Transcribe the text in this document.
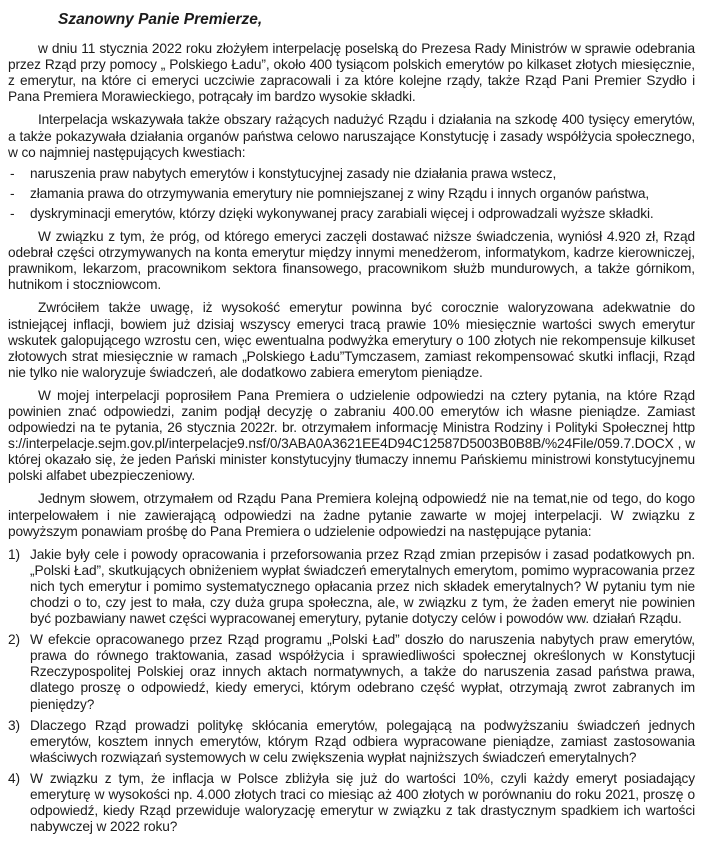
Szanowny Panie Premierze,

w dniu 11 stycznia 2022 roku złożyłem interpelację poselską do Prezesa Rady Ministrów w sprawie odebrania przez Rząd przy pomocy „ Polskiego Ładu”, około 400 tysiącom polskich emerytów po kilkaset złotych miesięcznie, z emerytur, na które ci emeryci uczciwie zapracowali i za które kolejne rządy, także Rząd Pani Premier Szydło i Pana Premiera Morawieckiego, potrącały im bardzo wysokie składki.

Interpelacja wskazywała także obszary rażących nadużyć Rządu i działania na szkodę 400 tysięcy emerytów, a także pokazywała działania organów państwa celowo naruszające Konstytucję i zasady współżycia społecznego, w co najmniej następujących kwestiach:

- naruszenia praw nabytych emerytów i konstytucyjnej zasady nie działania prawa wstecz,
- złamania prawa do otrzymywania emerytury nie pomniejszanej z winy Rządu i innych organów państwa,
- dyskryminacji emerytów, którzy dzięki wykonywanej pracy zarabiali więcej i odprowadzali wyższe składki.

W związku z tym, że próg, od którego emeryci zaczęli dostawać niższe świadczenia, wyniósł 4.920 zł, Rząd odebrał części otrzymywanych na konta emerytur między innymi menedżerom, informatykom, kadrze kierowniczej, prawnikom, lekarzom, pracownikom sektora finansowego, pracownikom służb mundurowych, a także górnikom, hutnikom i stoczniowcom.

Zwróciłem także uwagę, iż wysokość emerytur powinna być corocznie waloryzowana adekwatnie do istniejącej inflacji, bowiem już dzisiaj wszyscy emeryci tracą prawie 10% miesięcznie wartości swych emerytur wskutek galopującego wzrostu cen, więc ewentualna podwyżka emerytury o 100 złotych nie rekompensuje kilkuset złotowych strat miesięcznie w ramach „Polskiego Ładu”Tymczasem, zamiast rekompensować skutki inflacji, Rząd nie tylko nie waloryzuje świadczeń, ale dodatkowo zabiera emerytom pieniądze.

W mojej interpelacji poprosiłem Pana Premiera o udzielenie odpowiedzi na cztery pytania, na które Rząd powinien znać odpowiedzi, zanim podjął decyzję o zabraniu 400.00 emerytów ich własne pieniądze. Zamiast odpowiedzi na te pytania, 26 stycznia 2022r. br. otrzymałem informację Ministra Rodziny i Polityki Społecznej https://interpelacje.sejm.gov.pl/interpelacje9.nsf/0/3ABA0A3621EE4D94C12587D5003B0B8B/%24File/059.7.DOCX , w której okazało się, że jeden Pański minister konstytucyjny tłumaczy innemu Pańskiemu ministrowi konstytucyjnemu polski alfabet ubezpieczeniowy.

Jednym słowem, otrzymałem od Rządu Pana Premiera kolejną odpowiedź nie na temat,nie od tego, do kogo interpelowałem i nie zawierającą odpowiedzi na żadne pytanie zawarte w mojej interpelacji. W związku z powyższym ponawiam prośbę do Pana Premiera o udzielenie odpowiedzi na następujące pytania:

1) Jakie były cele i powody opracowania i przeforsowania przez Rząd zmian przepisów i zasad podatkowych pn. „Polski Ład”, skutkujących obniżeniem wypłat świadczeń emerytalnych emerytom, pomimo wypracowania przez nich tych emerytur i pomimo systematycznego opłacania przez nich składek emerytalnych? W pytaniu tym nie chodzi o to, czy jest to mała, czy duża grupa społeczna, ale, w związku z tym, że żaden emeryt nie powinien być pozbawiany nawet części wypracowanej emerytury, pytanie dotyczy celów i powodów ww. działań Rządu.
2) W efekcie opracowanego przez Rząd programu „Polski Ład” doszło do naruszenia nabytych praw emerytów, prawa do równego traktowania, zasad współżycia i sprawiedliwości społecznej określonych w Konstytucji Rzeczypospolitej Polskiej oraz innych aktach normatywnych, a także do naruszenia zasad państwa prawa, dlatego proszę o odpowiedź, kiedy emeryci, którym odebrano część wypłat, otrzymają zwrot zabranych im pieniędzy?
3) Dlaczego Rząd prowadzi politykę skłócania emerytów, polegającą na podwyższaniu świadczeń jednych emerytów, kosztem innych emerytów, którym Rząd odbiera wypracowane pieniądze, zamiast zastosowania właściwych rozwiązań systemowych w celu zwiększenia wypłat najniższych świadczeń emerytalnych?
4) W związku z tym, że inflacja w Polsce zbliżyła się już do wartości 10%, czyli każdy emeryt posiadający emeryturę w wysokości np. 4.000 złotych traci co miesiąc aż 400 złotych w porównaniu do roku 2021, proszę o odpowiedź, kiedy Rząd przewiduje waloryzację emerytur w związku z tak drastycznym spadkiem ich wartości nabywczej w 2022 roku?
